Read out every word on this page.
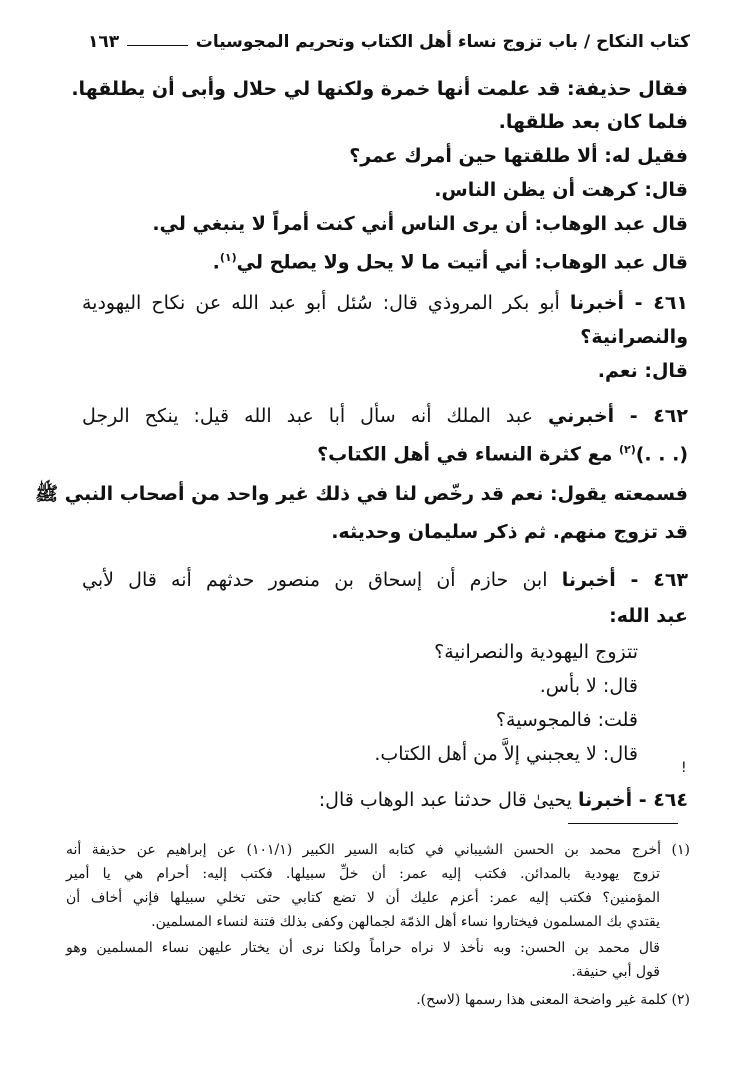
كتاب النكاح / باب تزوج نساء أهل الكتاب وتحريم المجوسيات
١٦٣
فقال حذيفة: قد علمت أنها خمرة ولكنها لي حلال وأبى أن يطلقها.
فلما كان بعد طلقها.
فقيل له: ألا طلقتها حين أمرك عمر؟
قال: كرهت أن يظن الناس.
قال عبد الوهاب: أن يرى الناس أني كنت أمراً لا ينبغي لي.
قال عبد الوهاب: أني أتيت ما لا يحل ولا يصلح لي$^{(١)}$.
٤٦١ - أخبرنا أبو بكر المروذي قال: سُئل أبو عبد الله عن نكاح اليهودية
والنصرانية؟
قال: نعم.
٤٦٢ - أخبرني عبد الملك أنه سأل أبا عبد الله قيل: ينكح الرجل
(. . .)$^{(٢)}$ مع كثرة النساء في أهل الكتاب؟
فسمعته يقول: نعم قد رخّص لنا في ذلك غير واحد من أصحاب النبي ﷺ
قد تزوج منهم. ثم ذكر سليمان وحديثه.
٤٦٣ - أخبرنا ابن حازم أن إسحاق بن منصور حدثهم أنه قال لأبي
عبد الله:
تتزوج اليهودية والنصرانية؟
قال: لا بأس.
قلت: فالمجوسية؟
قال: لا يعجبني إلاَّ من أهل الكتاب.
!
٤٦٤ - أخبرنا يحيىٰ قال حدثنا عبد الوهاب قال:
(١) أخرج محمد بن الحسن الشيباني في كتابه السير الكبير (١٠١/١) عن إبراهيم عن حذيفة أنه
تزوج يهودية بالمدائن. فكتب إليه عمر: أن خلِّ سبيلها. فكتب إليه: أحرام هي يا أمير
المؤمنين؟ فكتب إليه عمر: أعزم عليك أن لا تضع كتابي حتى تخلي سبيلها فإني أخاف أن
يقتدي بك المسلمون فيختاروا نساء أهل الذمّة لجمالهن وكفى بذلك فتنة لنساء المسلمين.
قال محمد بن الحسن: وبه نأخذ لا نراه حراماً ولكنا نرى أن يختار عليهن نساء المسلمين وهو
قول أبي حنيفة.
(٢) كلمة غير واضحة المعنى هذا رسمها (لاسح).
